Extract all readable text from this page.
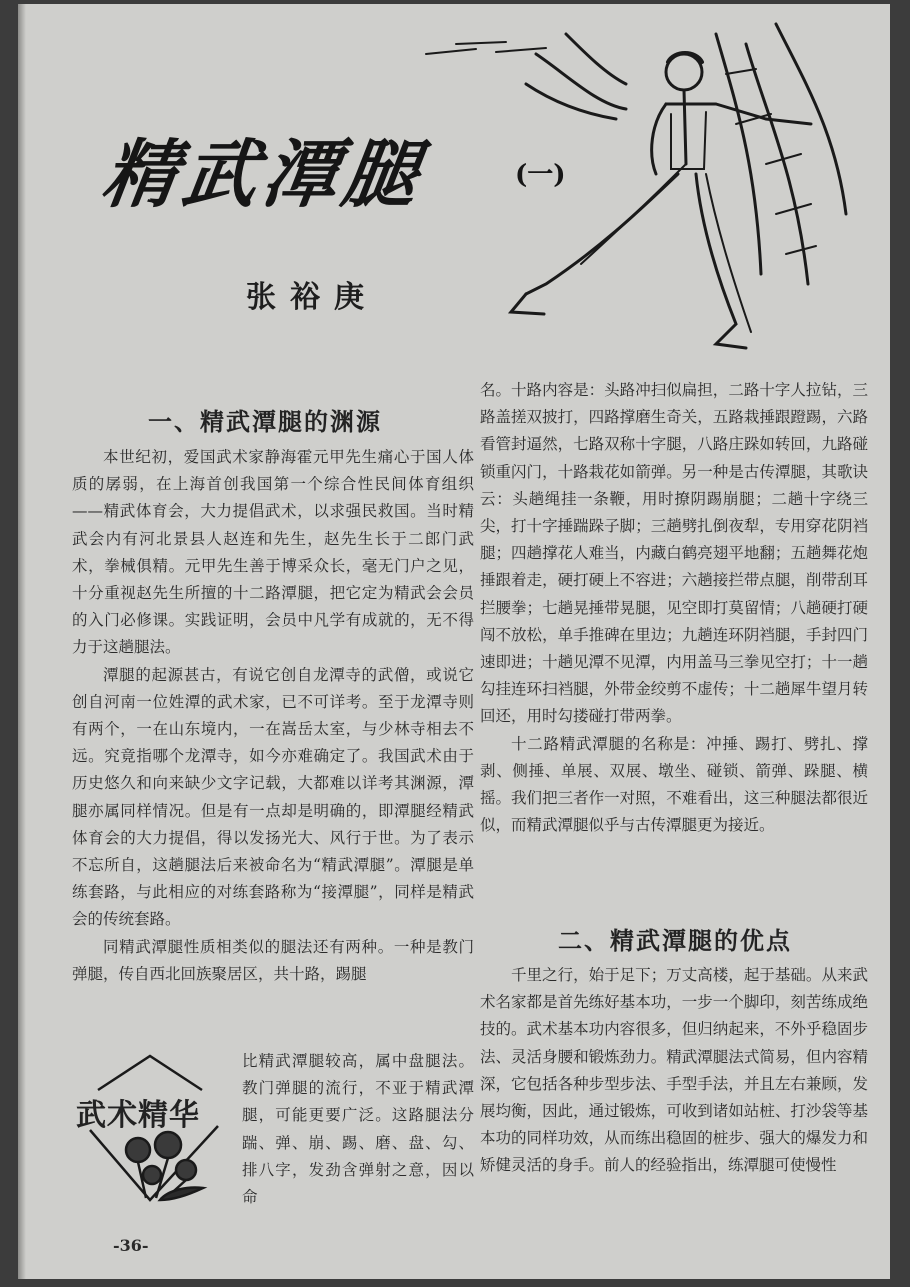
精武潭腿	(一)
张裕庚
一、精武潭腿的渊源

本世纪初，爱国武术家静海霍元甲先生痛心于国人体质的孱弱，在上海首创我国第一个综合性民间体育组织——精武体育会，大力提倡武术，以求强民救国。当时精武会内有河北景县人赵连和先生，赵先生长于二郎门武术，拳械俱精。元甲先生善于博采众长，毫无门户之见，十分重视赵先生所擅的十二路潭腿，把它定为精武会会员的入门必修课。实践证明，会员中凡学有成就的，无不得力于这趟腿法。

潭腿的起源甚古，有说它创自龙潭寺的武僧，或说它创自河南一位姓潭的武术家，已不可详考。至于龙潭寺则有两个，一在山东境内，一在嵩岳太室，与少林寺相去不远。究竟指哪个龙潭寺，如今亦难确定了。我国武术由于历史悠久和向来缺少文字记载，大都难以详考其渊源，潭腿亦属同样情况。但是有一点却是明确的，即潭腿经精武体育会的大力提倡，得以发扬光大、风行于世。为了表示不忘所自，这趟腿法后来被命名为“精武潭腿”。潭腿是单练套路，与此相应的对练套路称为“接潭腿”，同样是精武会的传统套路。

同精武潭腿性质相类似的腿法还有两种。一种是教门弹腿，传自西北回族聚居区，共十路，踢腿

比精武潭腿较高，属中盘腿法。教门弹腿的流行，不亚于精武潭腿，可能更要广泛。这路腿法分踹、弹、崩、踢、磨、盘、勾、排八字，发劲含弹射之意，因以命

名。十路内容是：头路冲扫似扁担，二路十字人拉钻，三路盖搓双披打，四路撑磨生奇关，五路栽捶跟蹬踢，六路看管封逼然，七路双称十字腿，八路庄跺如转回，九路碰锁重闪门，十路栽花如箭弹。另一种是古传潭腿，其歌诀云：头趟绳挂一条鞭，用时撩阴踢崩腿；二趟十字绕三尖，打十字捶踹跺子脚；三趟劈扎倒夜犁，专用穿花阴裆腿；四趟撑花人难当，内藏白鹤亮翅平地翻；五趟舞花炮捶跟着走，硬打硬上不容进；六趟接拦带点腿，削带刮耳拦腰拳；七趟晃捶带晃腿，见空即打莫留情；八趟硬打硬闯不放松，单手推碑在里边；九趟连环阴裆腿，手封四门速即进；十趟见潭不见潭，内用盖马三拳见空打；十一趟勾挂连环扫裆腿，外带金绞剪不虚传；十二趟犀牛望月转回还，用时勾搂碰打带两拳。

十二路精武潭腿的名称是：冲捶、踢打、劈扎、撑剥、侧捶、单展、双展、墩坐、碰锁、箭弹、跺腿、横摇。我们把三者作一对照，不难看出，这三种腿法都很近似，而精武潭腿似乎与古传潭腿更为接近。

二、精武潭腿的优点

千里之行，始于足下；万丈高楼，起于基础。从来武术名家都是首先练好基本功，一步一个脚印，刻苦练成绝技的。武术基本功内容很多，但归纳起来，不外乎稳固步法、灵活身腰和锻炼劲力。精武潭腿法式简易，但内容精深，它包括各种步型步法、手型手法，并且左右兼顾，发展均衡，因此，通过锻炼，可收到诸如站桩、打沙袋等基本功的同样功效，从而练出稳固的桩步、强大的爆发力和矫健灵活的身手。前人的经验指出，练潭腿可使慢性

武术精华
-36-
